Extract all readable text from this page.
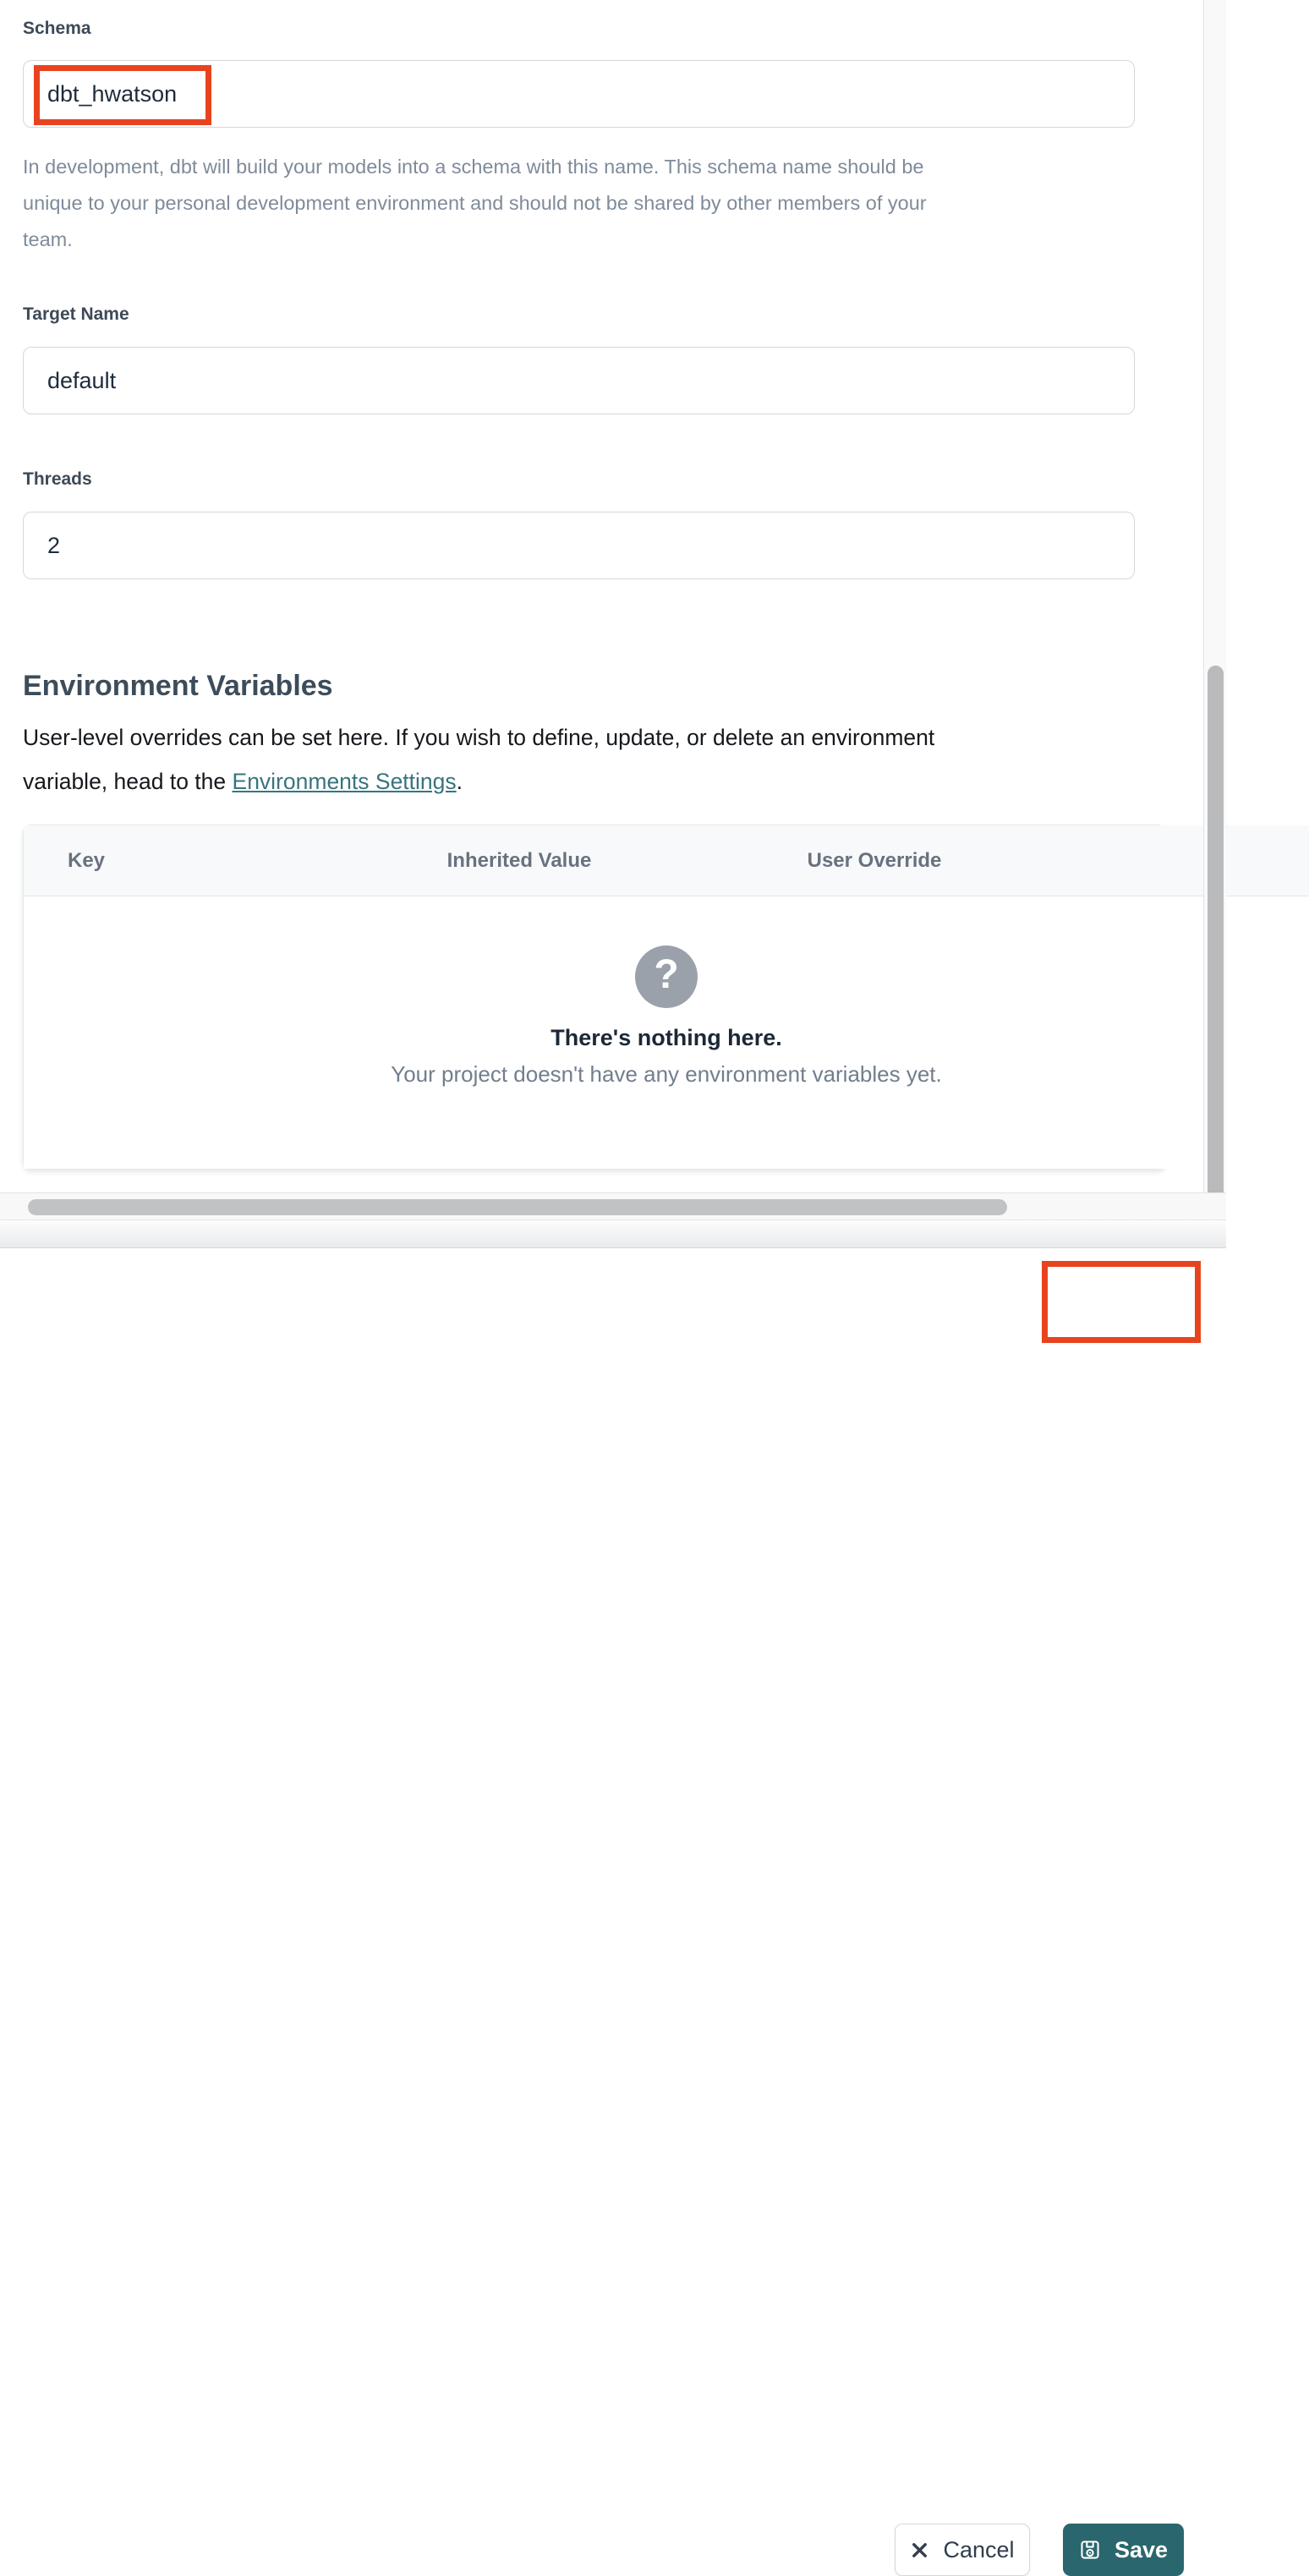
Schema
dbt_hwatson
In development, dbt will build your models into a schema with this name. This schema name should be
unique to your personal development environment and should not be shared by other members of your
team.
Target Name
default
Threads
2
Environment Variables
User-level overrides can be set here. If you wish to define, update, or delete an environment
variable, head to the Environments Settings.
Key	Inherited Value	User Override
?
There's nothing here.
Your project doesn't have any environment variables yet.
Cancel	Save
